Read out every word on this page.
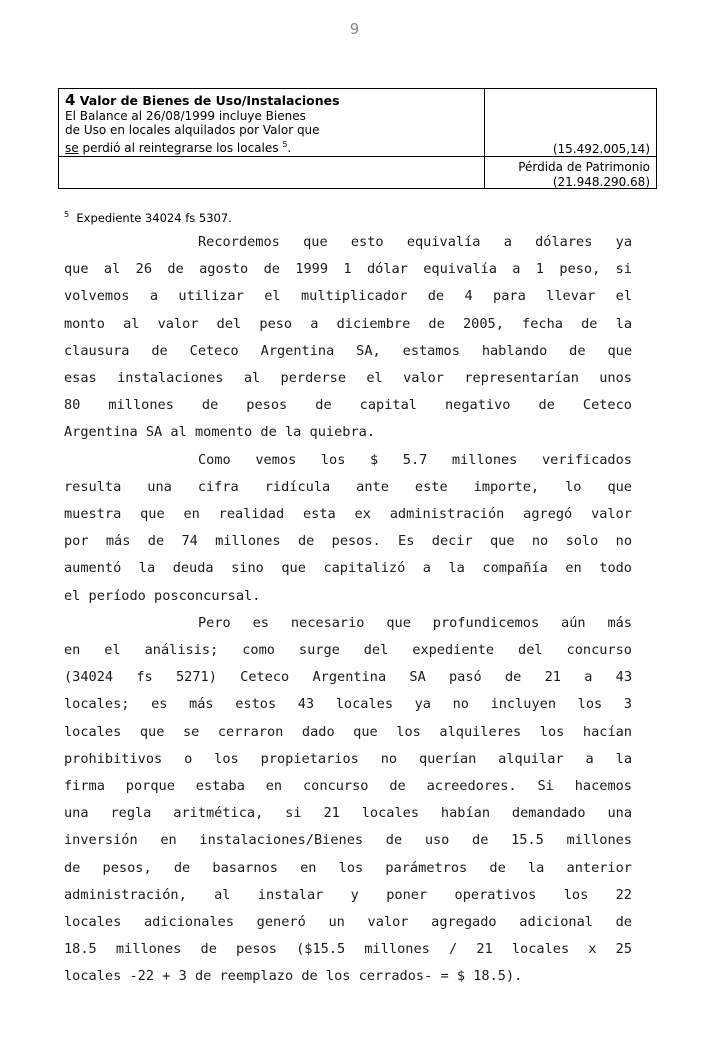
9
4 Valor de Bienes de Uso/Instalaciones
El Balance al 26/08/1999 incluye Bienes
de Uso en locales alquilados por Valor que
se perdió al reintegrarse los locales $^5$.	(15.492.005,14)
Pérdida de Patrimonio
(21.948.290.68)
$^5$ Expediente 34024 fs 5307.
Recordemos que esto equivalía a dólares ya
que al 26 de agosto de 1999 1 dólar equivalía a 1 peso, si
volvemos a utilizar el multiplicador de 4 para llevar el
monto al valor del peso a diciembre de 2005, fecha de la
clausura de Ceteco Argentina SA, estamos hablando de que
esas instalaciones al perderse el valor representarían unos
80 millones de pesos de capital negativo de Ceteco
Argentina SA al momento de la quiebra.
Como vemos los $ 5.7 millones verificados
resulta una cifra ridícula ante este importe, lo que
muestra que en realidad esta ex administración agregó valor
por más de 74 millones de pesos. Es decir que no solo no
aumentó la deuda sino que capitalizó a la compañía en todo
el período posconcursal.
Pero es necesario que profundicemos aún más
en el análisis; como surge del expediente del concurso
(34024 fs 5271) Ceteco Argentina SA pasó de 21 a 43
locales; es más estos 43 locales ya no incluyen los 3
locales que se cerraron dado que los alquileres los hacían
prohibitivos o los propietarios no querían alquilar a la
firma porque estaba en concurso de acreedores. Si hacemos
una regla aritmética, si 21 locales habían demandado una
inversión en instalaciones/Bienes de uso de 15.5 millones
de pesos, de basarnos en los parámetros de la anterior
administración, al instalar y poner operativos los 22
locales adicionales generó un valor agregado adicional de
18.5 millones de pesos ($15.5 millones / 21 locales x 25
locales -22 + 3 de reemplazo de los cerrados- = $ 18.5).
